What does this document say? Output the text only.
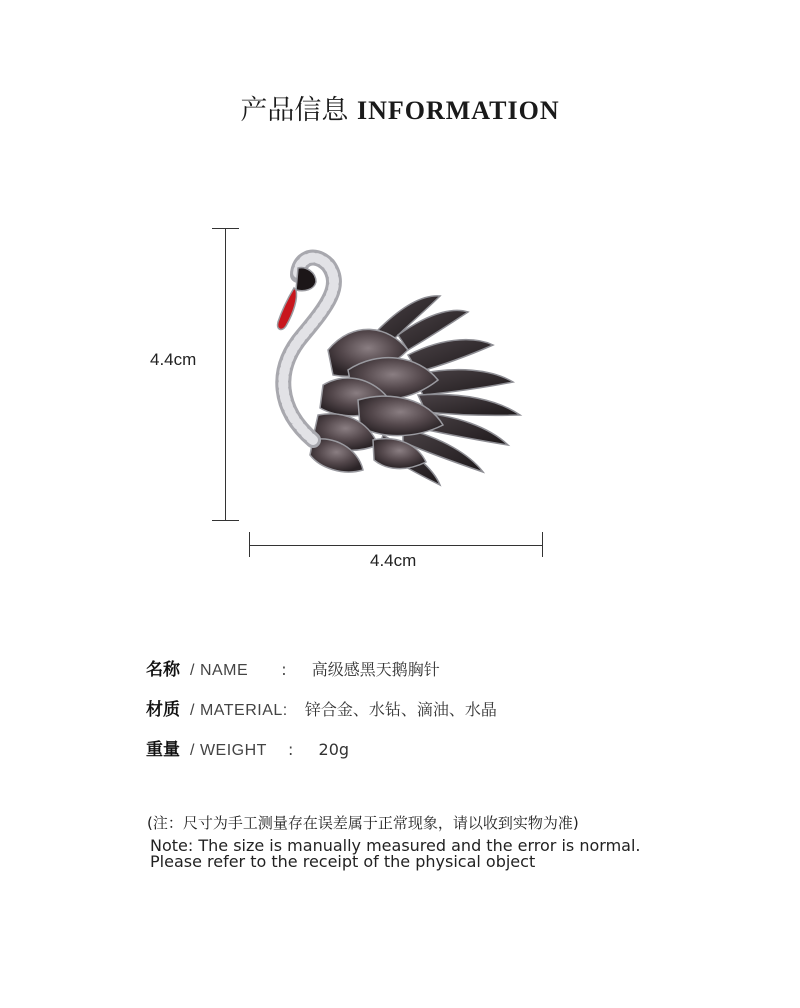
产品信息 INFORMATION
4.4cm
4.4cm
名称 / NAME : 高级感黑天鹅胸针
材质 / MATERIAL: 锌合金、水钻、滴油、水晶
重量 / WEIGHT : 20g
(注：尺寸为手工测量存在误差属于正常现象，请以收到实物为准)
Note: The size is manually measured and the error is normal.
Please refer to the receipt of the physical object
